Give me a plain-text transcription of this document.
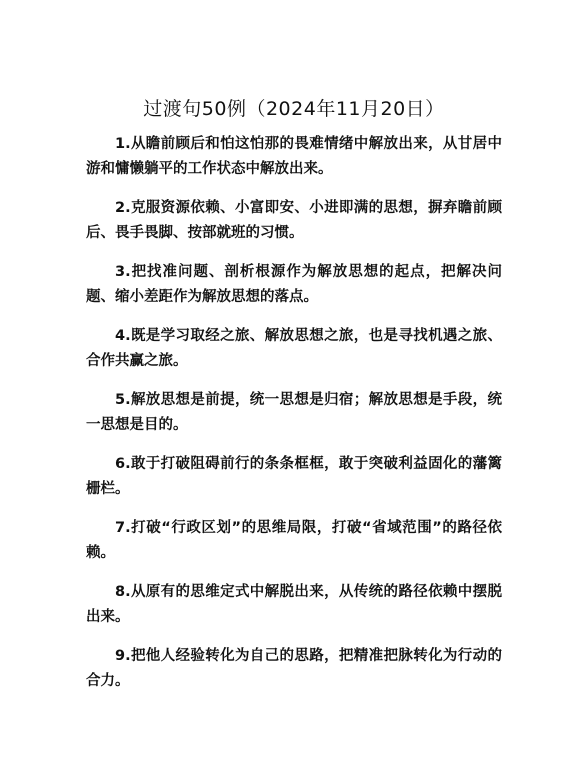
过渡句50例（2024年11月20日）
1.从瞻前顾后和怕这怕那的畏难情绪中解放出来，从甘居中游和慵懒躺平的工作状态中解放出来。
2.克服资源依赖、小富即安、小进即满的思想，摒弃瞻前顾后、畏手畏脚、按部就班的习惯。
3.把找准问题、剖析根源作为解放思想的起点，把解决问题、缩小差距作为解放思想的落点。
4.既是学习取经之旅、解放思想之旅，也是寻找机遇之旅、合作共赢之旅。
5.解放思想是前提，统一思想是归宿；解放思想是手段，统一思想是目的。
6.敢于打破阻碍前行的条条框框，敢于突破利益固化的藩篱栅栏。
7.打破“行政区划”的思维局限，打破“省域范围”的路径依赖。
8.从原有的思维定式中解脱出来，从传统的路径依赖中摆脱出来。
9.把他人经验转化为自己的思路，把精准把脉转化为行动的合力。
